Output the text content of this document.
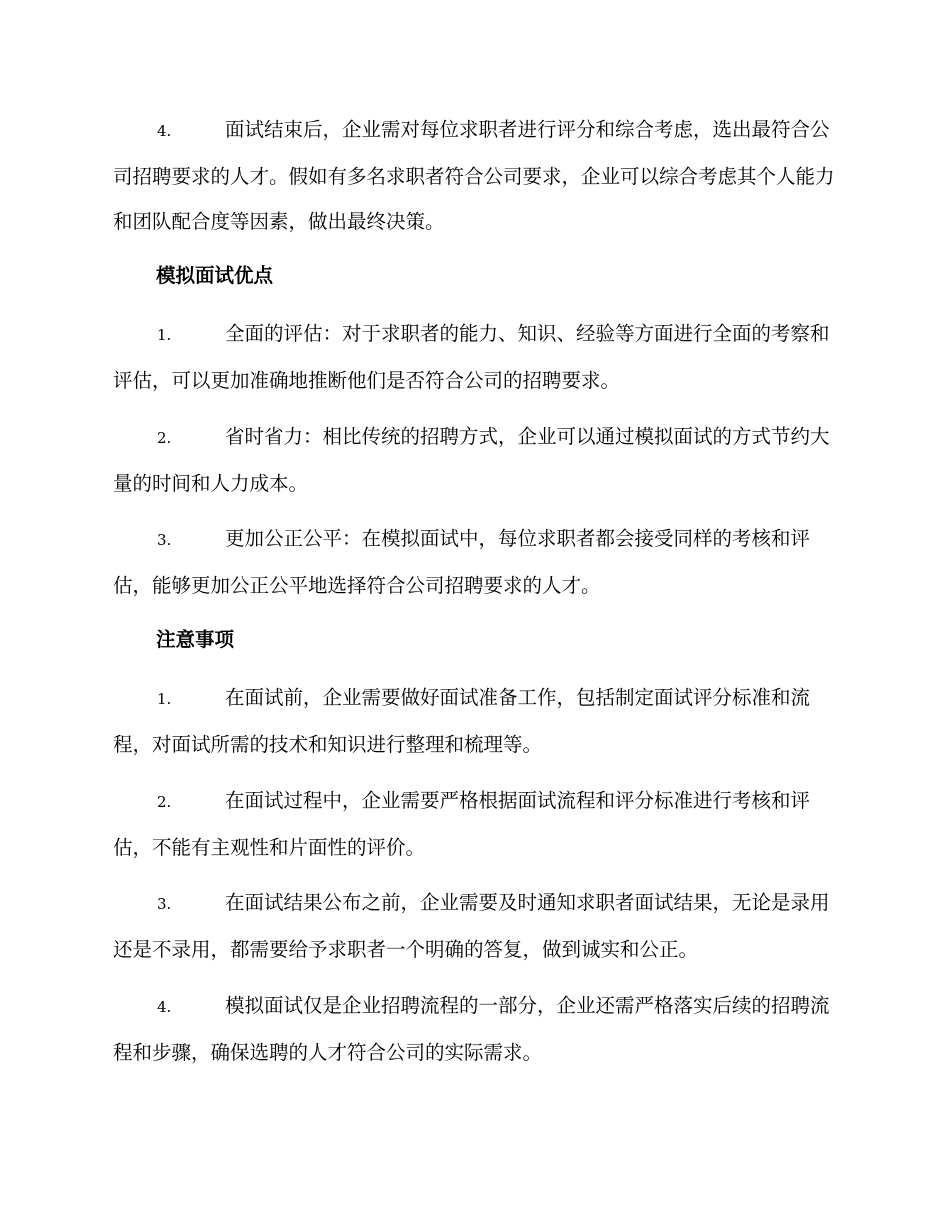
4.	面试结束后，企业需对每位求职者进行评分和综合考虑，选出最符合公司招聘要求的人才。假如有多名求职者符合公司要求，企业可以综合考虑其个人能力和团队配合度等因素，做出最终决策。

模拟面试优点

1.	全面的评估：对于求职者的能力、知识、经验等方面进行全面的考察和评估，可以更加准确地推断他们是否符合公司的招聘要求。

2.	省时省力：相比传统的招聘方式，企业可以通过模拟面试的方式节约大量的时间和人力成本。

3.	更加公正公平：在模拟面试中，每位求职者都会接受同样的考核和评估，能够更加公正公平地选择符合公司招聘要求的人才。

注意事项

1.	在面试前，企业需要做好面试准备工作，包括制定面试评分标准和流程，对面试所需的技术和知识进行整理和梳理等。

2.	在面试过程中，企业需要严格根据面试流程和评分标准进行考核和评估，不能有主观性和片面性的评价。

3.	在面试结果公布之前，企业需要及时通知求职者面试结果，无论是录用还是不录用，都需要给予求职者一个明确的答复，做到诚实和公正。

4.	模拟面试仅是企业招聘流程的一部分，企业还需严格落实后续的招聘流程和步骤，确保选聘的人才符合公司的实际需求。
